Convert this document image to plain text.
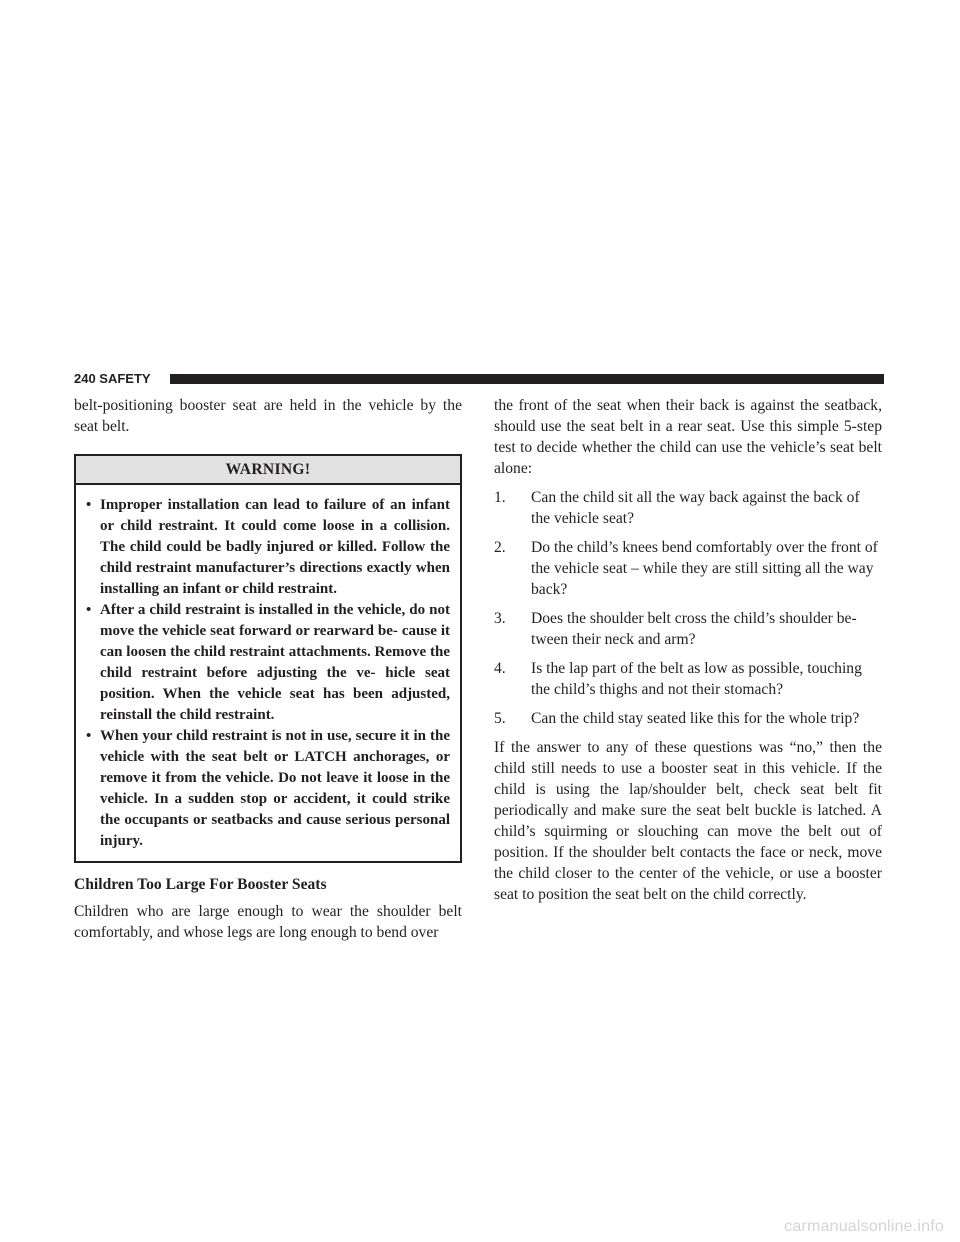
240 SAFETY

belt-positioning booster seat are held in the vehicle by the seat belt.

WARNING!
• Improper installation can lead to failure of an infant or child restraint. It could come loose in a collision. The child could be badly injured or killed. Follow the child restraint manufacturer’s directions exactly when installing an infant or child restraint.
• After a child restraint is installed in the vehicle, do not move the vehicle seat forward or rearward be- cause it can loosen the child restraint attachments. Remove the child restraint before adjusting the ve- hicle seat position. When the vehicle seat has been adjusted, reinstall the child restraint.
• When your child restraint is not in use, secure it in the vehicle with the seat belt or LATCH anchorages, or remove it from the vehicle. Do not leave it loose in the vehicle. In a sudden stop or accident, it could strike the occupants or seatbacks and cause serious personal injury.
Children Too Large For Booster Seats

Children who are large enough to wear the shoulder belt comfortably, and whose legs are long enough to bend over

the front of the seat when their back is against the seatback, should use the seat belt in a rear seat. Use this simple 5-step test to decide whether the child can use the vehicle’s seat belt alone:

1. Can the child sit all the way back against the back of the vehicle seat?
2. Do the child’s knees bend comfortably over the front of the vehicle seat – while they are still sitting all the way back?
3. Does the shoulder belt cross the child’s shoulder be- tween their neck and arm?
4. Is the lap part of the belt as low as possible, touching the child’s thighs and not their stomach?
5. Can the child stay seated like this for the whole trip?

If the answer to any of these questions was “no,” then the child still needs to use a booster seat in this vehicle. If the child is using the lap/shoulder belt, check seat belt fit periodically and make sure the seat belt buckle is latched. A child’s squirming or slouching can move the belt out of position. If the shoulder belt contacts the face or neck, move the child closer to the center of the vehicle, or use a booster seat to position the seat belt on the child correctly.

carmanualsonline.info
